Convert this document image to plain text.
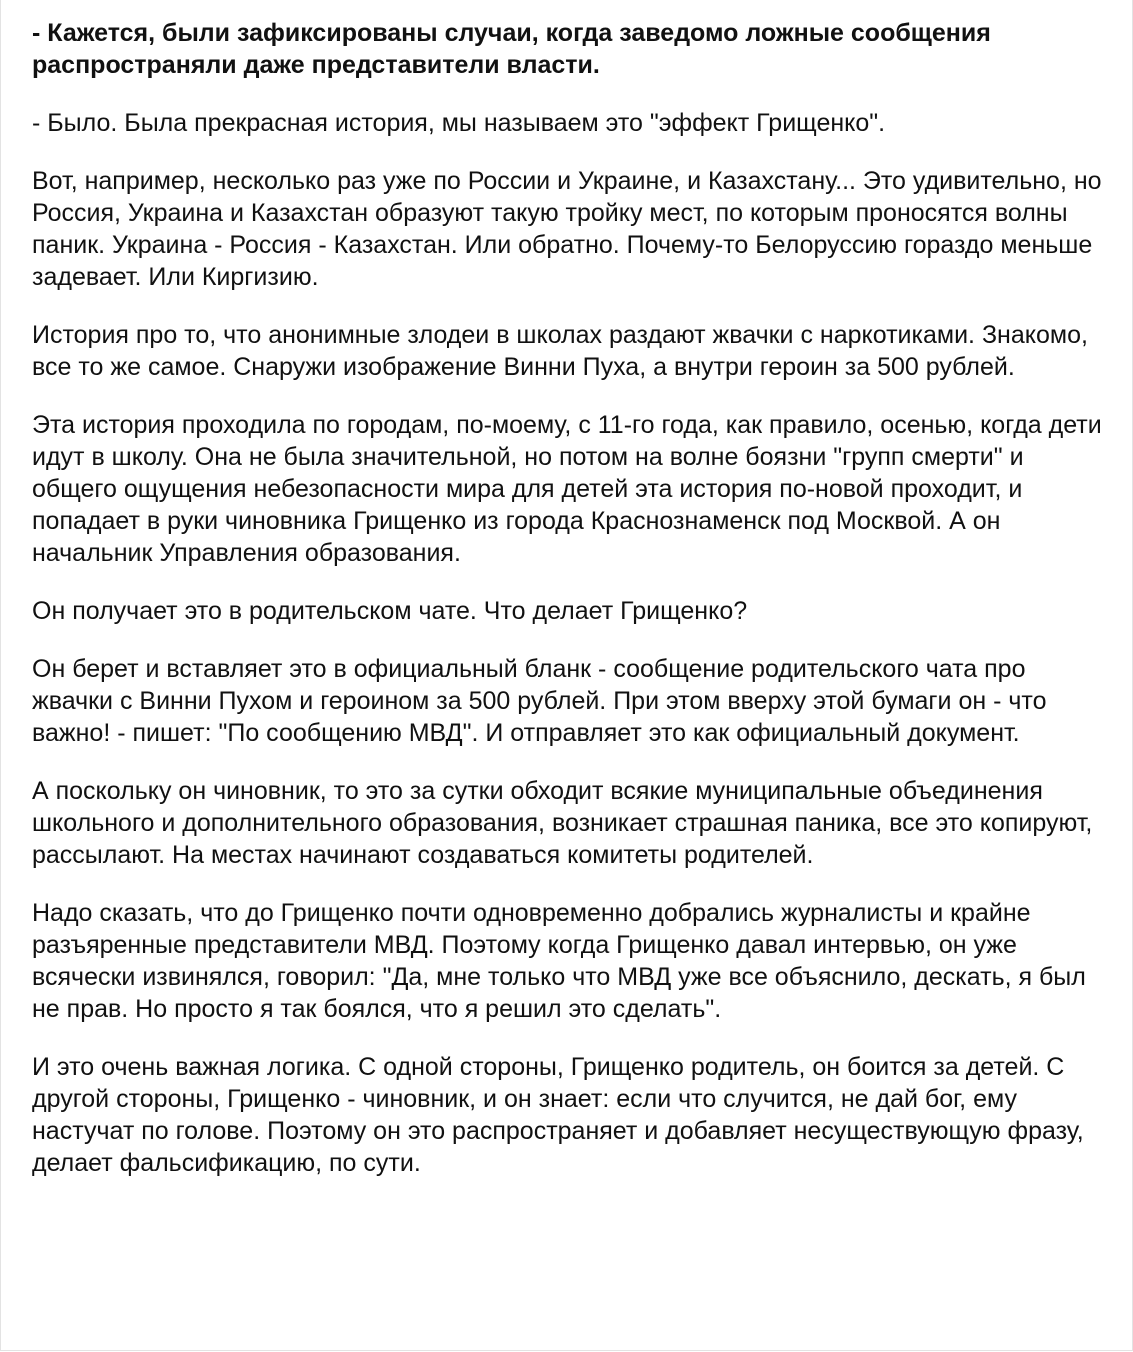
- Кажется, были зафиксированы случаи, когда заведомо ложные сообщения распространяли даже представители власти.

- Было. Была прекрасная история, мы называем это "эффект Грищенко".

Вот, например, несколько раз уже по России и Украине, и Казахстану... Это удивительно, но Россия, Украина и Казахстан образуют такую тройку мест, по которым проносятся волны паник. Украина - Россия - Казахстан. Или обратно. Почему-то Белоруссию гораздо меньше задевает. Или Киргизию.

История про то, что анонимные злодеи в школах раздают жвачки с наркотиками. Знакомо, все то же самое. Снаружи изображение Винни Пуха, а внутри героин за 500 рублей.

Эта история проходила по городам, по-моему, с 11-го года, как правило, осенью, когда дети идут в школу. Она не была значительной, но потом на волне боязни "групп смерти" и общего ощущения небезопасности мира для детей эта история по-новой проходит, и попадает в руки чиновника Грищенко из города Краснознаменск под Москвой. А он начальник Управления образования.

Он получает это в родительском чате. Что делает Грищенко?

Он берет и вставляет это в официальный бланк - сообщение родительского чата про жвачки с Винни Пухом и героином за 500 рублей. При этом вверху этой бумаги он - что важно! - пишет: "По сообщению МВД". И отправляет это как официальный документ.

А поскольку он чиновник, то это за сутки обходит всякие муниципальные объединения школьного и дополнительного образования, возникает страшная паника, все это копируют, рассылают. На местах начинают создаваться комитеты родителей.

Надо сказать, что до Грищенко почти одновременно добрались журналисты и крайне разъяренные представители МВД. Поэтому когда Грищенко давал интервью, он уже всячески извинялся, говорил: "Да, мне только что МВД уже все объяснило, дескать, я был не прав. Но просто я так боялся, что я решил это сделать".

И это очень важная логика. С одной стороны, Грищенко родитель, он боится за детей. С другой стороны, Грищенко - чиновник, и он знает: если что случится, не дай бог, ему настучат по голове. Поэтому он это распространяет и добавляет несуществующую фразу, делает фальсификацию, по сути.
